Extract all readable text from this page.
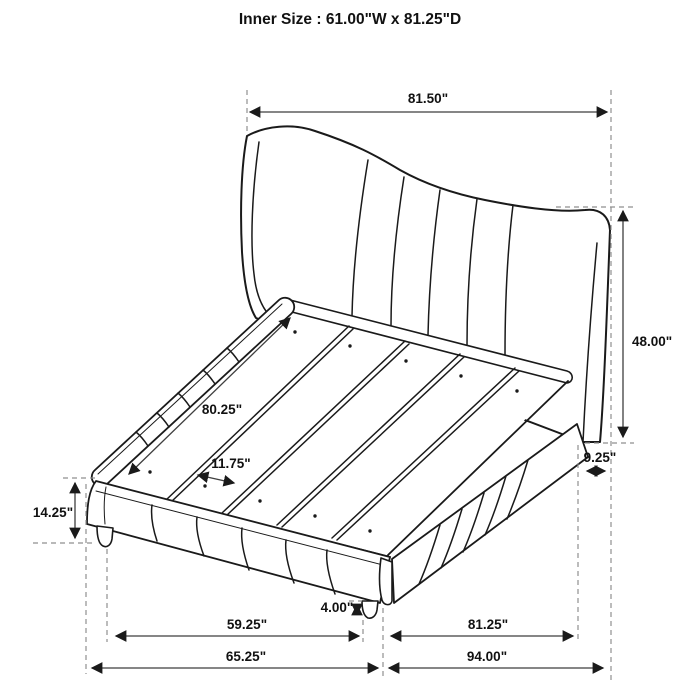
Inner Size : 61.00"W x 81.25"D
81.50"
48.00"
9.25"
80.25"
11.75"
14.25"
4.00"
59.25"	81.25"
65.25"	94.00"
